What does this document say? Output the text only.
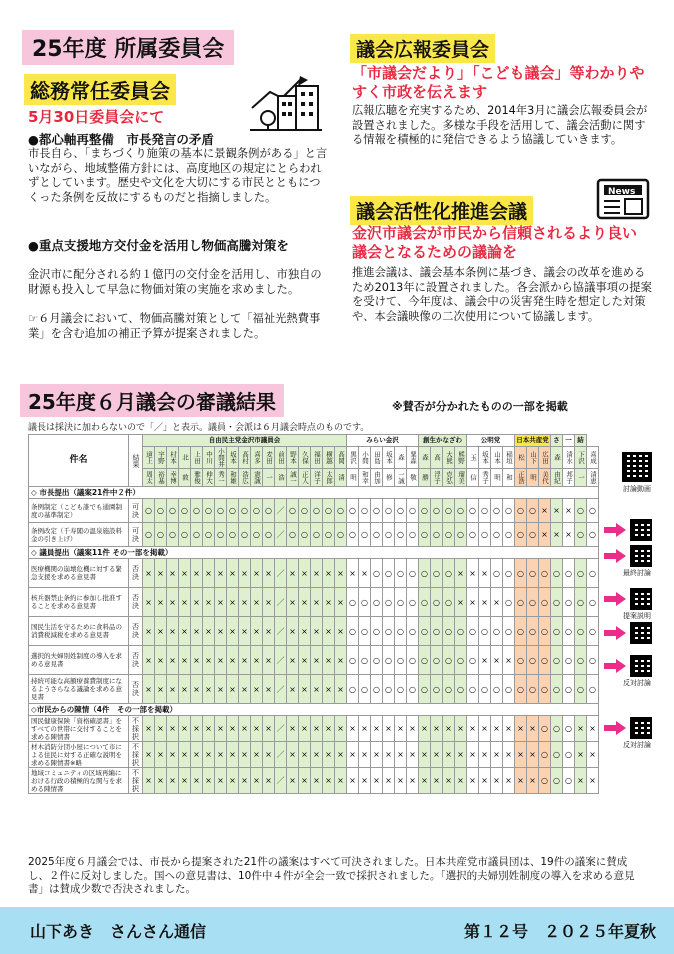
25年度 所属委員会
総務常任委員会
5月30日委員会にて
●都心軸再整備　市長発言の矛盾
市長自ら、「まちづくり施策の基本に景観条例がある」と言いながら、地域整備方針には、高度地区の規定にとらわれずとしています。歴史や文化を大切にする市民とともにつくった条例を反故にするものだと指摘しました。
●重点支援地方交付金を活用し物価高騰対策を
金沢市に配分される約１億円の交付金を活用し、市独自の財源も投入して早急に物価対策の実施を求めました。
☞６月議会において、物価高騰対策として「福祉光熱費事業」を含む追加の補正予算が提案されました。
議会広報委員会
「市議会だより」「こども議会」等わかりやすく市政を伝えます
広報広聴を充実するため、2014年3月に議会広報委員会が設置されました。多様な手段を活用して、議会活動に関する情報を積極的に発信できるよう協議していきます。
News
議会活性化推進会議
金沢市議会が市民から信頼されるより良い議会となるための議論を
推進会議は、議会基本条例に基づき、議会の改革を進めるため2013年に設置されました。各会派から協議事項の提案を受けて、今年度は、議会中の災害発生時を想定した対策や、本会議映像の二次使用について協議します。
25年度６月議会の審議結果	※賛否が分かれたものの一部を掲載
議長は採決に加わらないので「／」と表示。議員・会派は６月議会時点のものです。
件名	結果	自由民主党金沢市議員会																	みらい金沢						創生かなざわ				公明党				日本共産党			さ	一	結	
		道上	宇野	村本	北	上田	中川	小間井	坂本	高村	喜多	麦田	前田	野本	久保	福田	横越	高岡	黒沢	小間	田島	坂本	森	粟森	森	高	大熊	熊野	玉	坂本	山本	稲垣	松	山下	広田	森	清水	下沢	喜成
		周太	裕基	幸博	敦	雅俊	伸大	秀一	和雄	浩広	憲誠	一	浩	誠一	正人	洋子	太郎	清	明	和幸	由加	修	一誠	敬	勝	浮子	克弘	瑠美	信	秀子	明	和	正浩	明	美代	由紀	邦子	一	清恵
◇ 市長提出（議案21件中２件）																																							
条例制定（こども誰でも通園制度の基準制定）	可決	○	○	○	○	○	○	○	○	○	○	○	／	○	○	○	○	○	○	○	○	○	○	○	○	○	○	○	○	○	○	○	○	○	×	×	×	○	○
条例改定（千寿閣の温泉施設料金の引き上げ）	可決	○	○	○	○	○	○	○	○	○	○	○	／	○	○	○	○	○	○	○	○	○	○	○	○	○	○	○	○	○	○	○	○	○	×	×	×	○	○
◇ 議員提出（議案11件 その一部を掲載）																																							
医療機関の崩壊危機に対する緊急支援を求める意見書	否決	×	×	×	×	×	×	×	×	×	×	×	／	×	×	×	×	×	×	×	○	○	○	○	○	○	○	×	×	×	○	○	○	○	○	○	○	○	○
核兵器禁止条約に参加し批准することを求める意見書	否決	×	×	×	×	×	×	×	×	×	×	×	／	×	×	×	×	×	○	○	○	○	○	○	○	○	○	×	×	×	×	○	○	○	○	○	○	○	○
国民生活を守るために食料品の消費税減税を求める意見書	否決	×	×	×	×	×	×	×	×	×	×	×	／	×	×	×	×	×	○	○	○	○	○	○	○	○	○	○	○	○	○	○	○	○	○	○	○	○	○
選択的夫婦別姓制度の導入を求める意見書	否決	×	×	×	×	×	×	×	×	×	×	×	／	×	×	×	×	×	○	○	○	○	○	○	○	○	○	○	○	×	×	×	○	○	○	○	○	○	○
持続可能な高額療養費制度になるようさらなる議論を求める意見書	否決	×	×	×	×	×	×	×	×	×	×	×	／	×	×	×	×	×	○	○	○	○	○	○	○	○	○	○	○	○	○	○	○	○	○	○	○	○	○
◇市民からの陳情（4件　その一部を掲載）																																							
国民健康保険「資格確認書」をすべての世帯に交付することを求める陳情書	不採択	×	×	×	×	×	×	×	×	×	×	×	／	×	×	×	×	×	×	×	×	×	×	×	×	×	×	×	×	×	×	×	×	×	○	○	○	×	×
材木消防分団小屋について市による住民に対する正確な説明を求める陳情書※略	不採択	×	×	×	×	×	×	×	×	×	×	×	／	×	×	×	×	×	×	×	×	×	×	×	×	×	×	×	×	×	×	×	×	×	○	○	○	×	×
地域コミュニティの区域再編における行政の積極的な関与を求める陳情書	不採択	×	×	×	×	×	×	×	×	×	×	×	／	×	×	×	×	×	×	×	×	×	×	×	×	×	×	×	×	×	×	×	×	×	○	○	○	×	×
討論動画
最終討論
提案説明
反対討論
反対討論
2025年度６月議会では、市長から提案された21件の議案はすべて可決されました。日本共産党市議員団は、19件の議案に賛成し、２件に反対しました。国への意見書は、10件中４件が全会一致で採択されました。「選択的夫婦別姓制度の導入を求める意見書」は賛成少数で否決されました。
山下あき　さんさん通信	第１２号　２０２５年夏秋
